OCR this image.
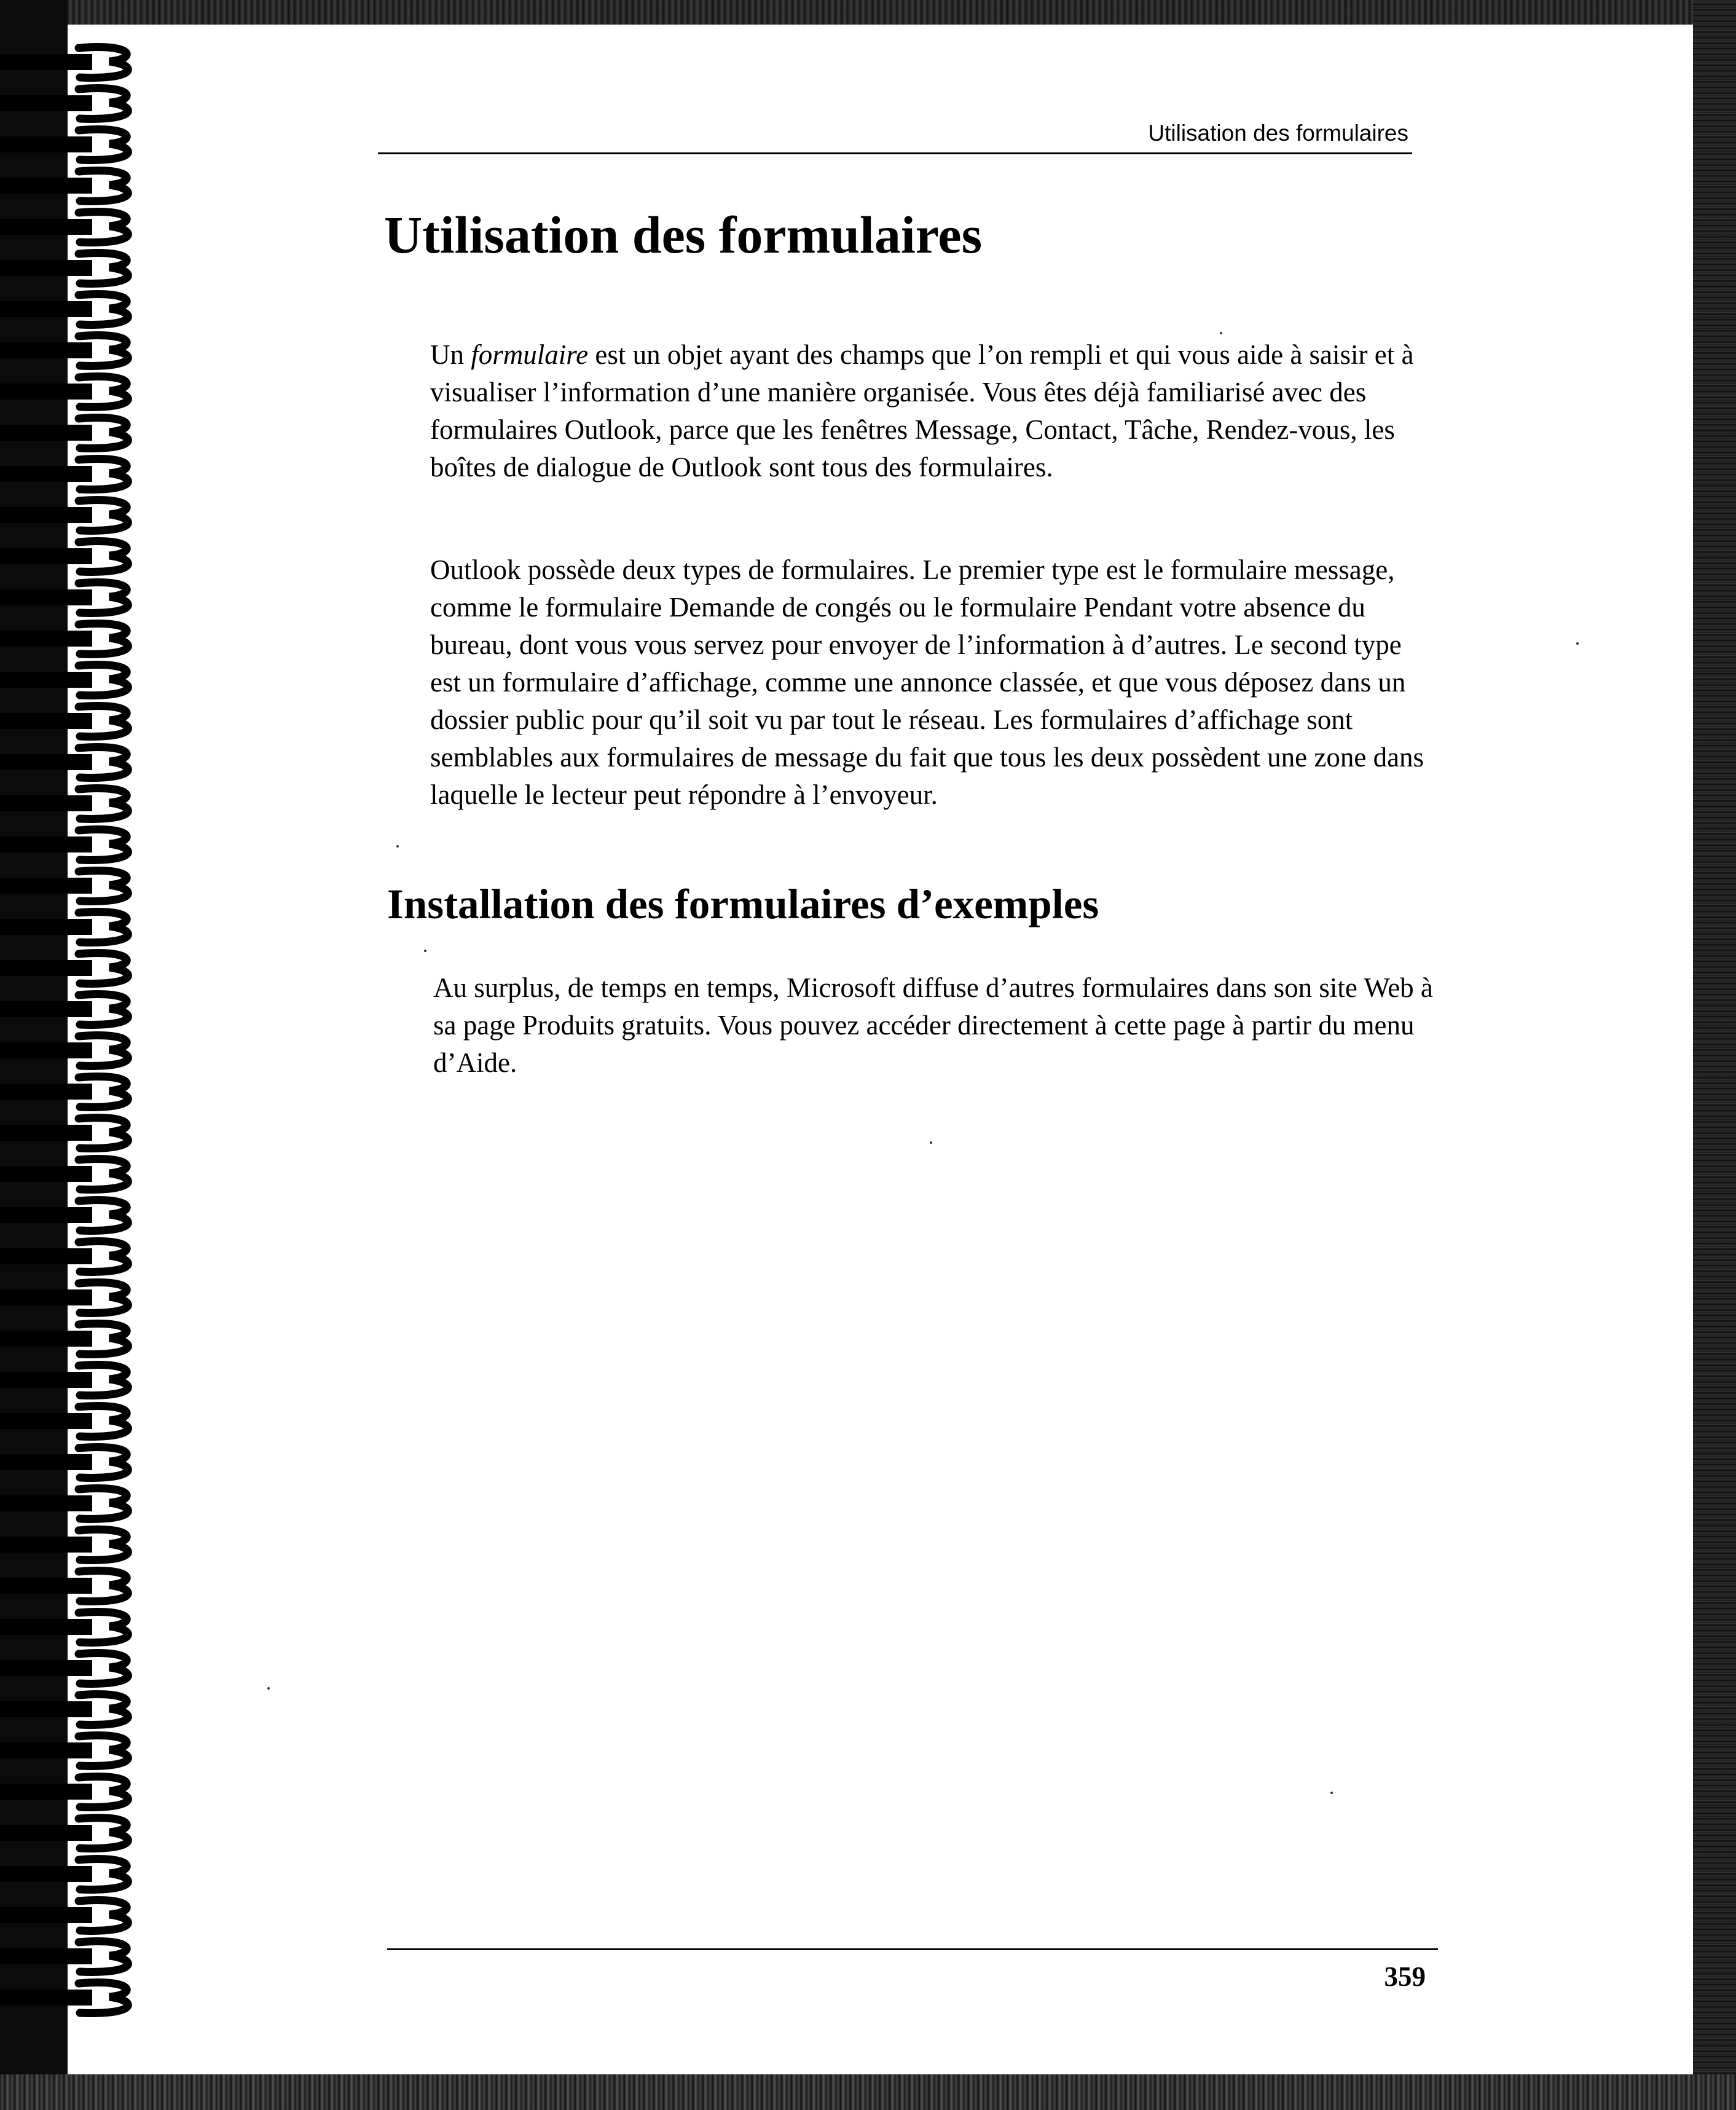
Utilisation des formulaires
Utilisation des formulaires

Un formulaire est un objet ayant des champs que l’on rempli et qui vous aide à saisir et à visualiser l’information d’une manière organisée. Vous êtes déjà familiarisé avec des formulaires Outlook, parce que les fenêtres Message, Contact, Tâche, Rendez-vous, les boîtes de dialogue de Outlook sont tous des formulaires.

Outlook possède deux types de formulaires. Le premier type est le formulaire message, comme le formulaire Demande de congés ou le formulaire Pendant votre absence du bureau, dont vous vous servez pour envoyer de l’information à d’autres. Le second type est un formulaire d’affichage, comme une annonce classée, et que vous déposez dans un dossier public pour qu’il soit vu par tout le réseau. Les formulaires d’affichage sont semblables aux formulaires de message du fait que tous les deux possèdent une zone dans laquelle le lecteur peut répondre à l’envoyeur.

Installation des formulaires d’exemples

Au surplus, de temps en temps, Microsoft diffuse d’autres formulaires dans son site Web à sa page Produits gratuits. Vous pouvez accéder directement à cette page à partir du menu d’Aide.

359
